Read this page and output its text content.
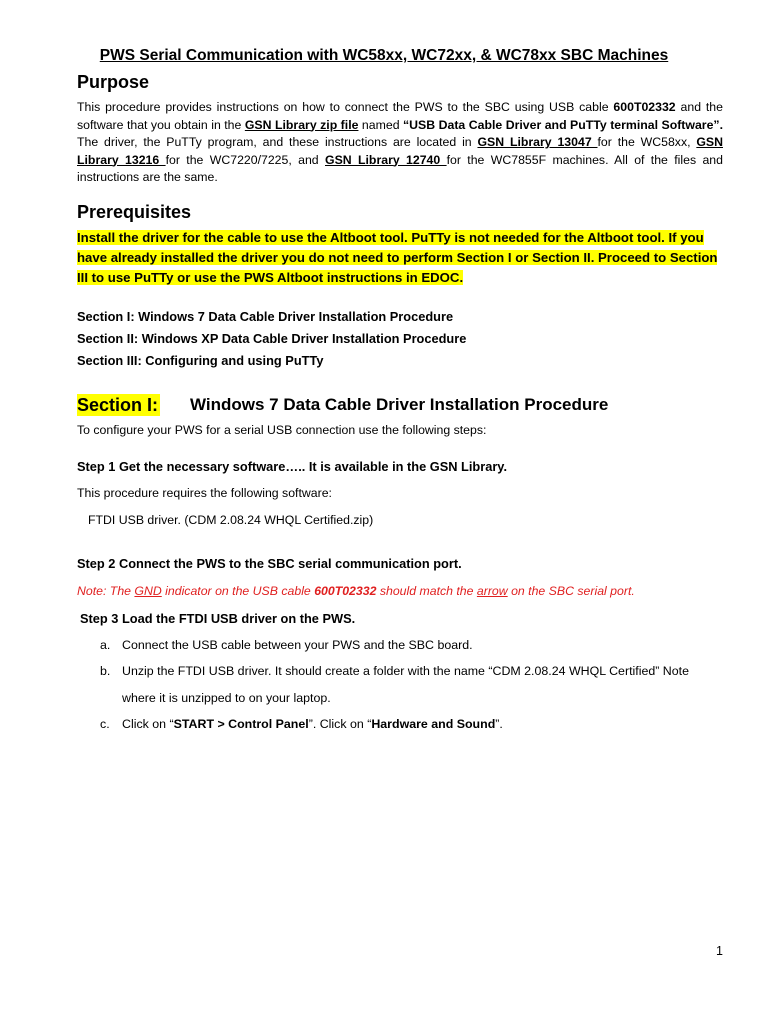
PWS Serial Communication with WC58xx, WC72xx, & WC78xx SBC Machines
Purpose
This procedure provides instructions on how to connect the PWS to the SBC using USB cable 600T02332 and the software that you obtain in the GSN Library zip file named “USB Data Cable Driver and PuTTy terminal Software”. The driver, the PuTTy program, and these instructions are located in GSN Library 13047 for the WC58xx, GSN Library 13216 for the WC7220/7225, and GSN Library 12740 for the WC7855F machines. All of the files and instructions are the same.
Prerequisites
Install the driver for the cable to use the Altboot tool. PuTTy is not needed for the Altboot tool. If you have already installed the driver you do not need to perform Section I or Section II. Proceed to Section III to use PuTTy or use the PWS Altboot instructions in EDOC.
Section I: Windows 7 Data Cable Driver Installation Procedure
Section II: Windows XP Data Cable Driver Installation Procedure
Section III: Configuring and using PuTTy
Section I: Windows 7 Data Cable Driver Installation Procedure
To configure your PWS for a serial USB connection use the following steps:
Step 1 Get the necessary software….. It is available in the GSN Library.
This procedure requires the following software:
FTDI USB driver. (CDM 2.08.24 WHQL Certified.zip)
Step 2 Connect the PWS to the SBC serial communication port.
Note: The GND indicator on the USB cable 600T02332 should match the arrow on the SBC serial port.
Step 3 Load the FTDI USB driver on the PWS.
a. Connect the USB cable between your PWS and the SBC board.
b. Unzip the FTDI USB driver. It should create a folder with the name “CDM 2.08.24 WHQL Certified” Note
where it is unzipped to on your laptop.
c. Click on “START > Control Panel”. Click on “Hardware and Sound”.
1
